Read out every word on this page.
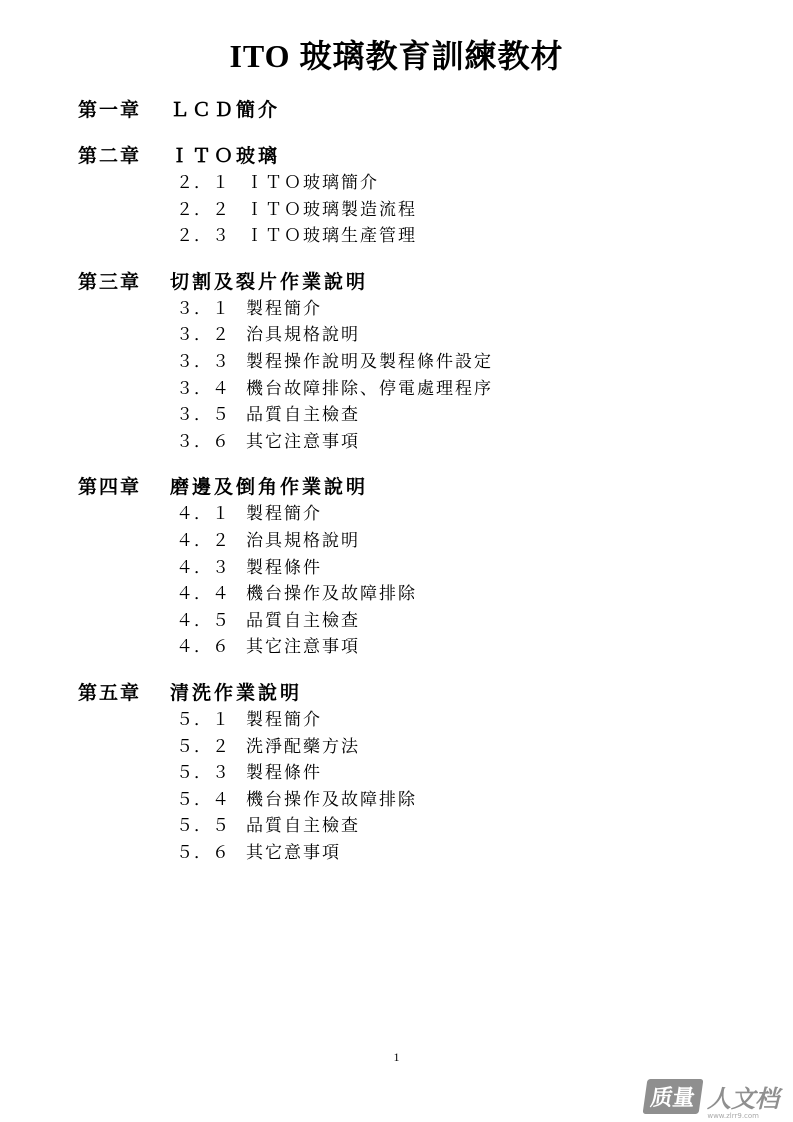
ITO 玻璃教育訓練教材
第一章	ＬＣＤ簡介
第二章	ＩＴＯ玻璃
２．１ ＩＴＯ玻璃簡介
２．２ ＩＴＯ玻璃製造流程
２．３ ＩＴＯ玻璃生產管理
第三章	切割及裂片作業說明
３．１ 製程簡介
３．２ 治具規格說明
３．３ 製程操作說明及製程條件設定
３．４ 機台故障排除、停電處理程序
３．５ 品質自主檢查
３．６ 其它注意事項
第四章	磨邊及倒角作業說明
４．１ 製程簡介
４．２ 治具規格說明
４．３ 製程條件
４．４ 機台操作及故障排除
４．５ 品質自主檢查
４．６ 其它注意事項
第五章	清洗作業說明
５．１ 製程簡介
５．２ 洗淨配藥方法
５．３ 製程條件
５．４ 機台操作及故障排除
５．５ 品質自主檢查
５．６ 其它意事項
1
质量 人文档
www.zlrr9.com
